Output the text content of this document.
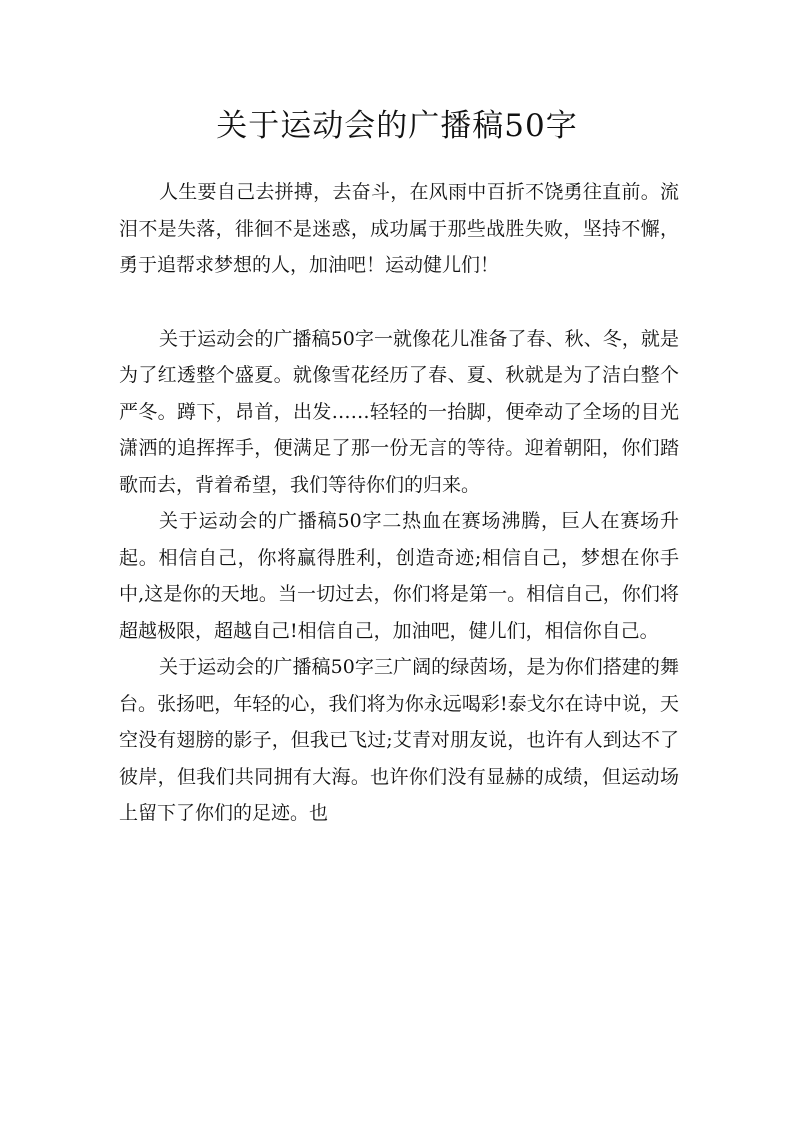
关于运动会的广播稿50字

人生要自己去拼搏，去奋斗，在风雨中百折不饶勇往直前。流泪不是失落，徘徊不是迷惑，成功属于那些战胜失败，坚持不懈，勇于追帮求梦想的人，加油吧！运动健儿们！

关于运动会的广播稿50字一就像花儿准备了春、秋、冬，就是为了红透整个盛夏。就像雪花经历了春、夏、秋就是为了洁白整个严冬。蹲下，昂首，出发……轻轻的一抬脚，便牵动了全场的目光潇洒的追挥挥手，便满足了那一份无言的等待。迎着朝阳，你们踏歌而去，背着希望，我们等待你们的归来。

关于运动会的广播稿50字二热血在赛场沸腾，巨人在赛场升起。相信自己，你将赢得胜利，创造奇迹;相信自己，梦想在你手中,这是你的天地。当一切过去，你们将是第一。相信自己，你们将超越极限，超越自己!相信自己，加油吧，健儿们，相信你自己。

关于运动会的广播稿50字三广阔的绿茵场，是为你们搭建的舞台。张扬吧，年轻的心，我们将为你永远喝彩!泰戈尔在诗中说，天空没有翅膀的影子，但我已飞过;艾青对朋友说，也许有人到达不了彼岸，但我们共同拥有大海。也许你们没有显赫的成绩，但运动场上留下了你们的足迹。也
